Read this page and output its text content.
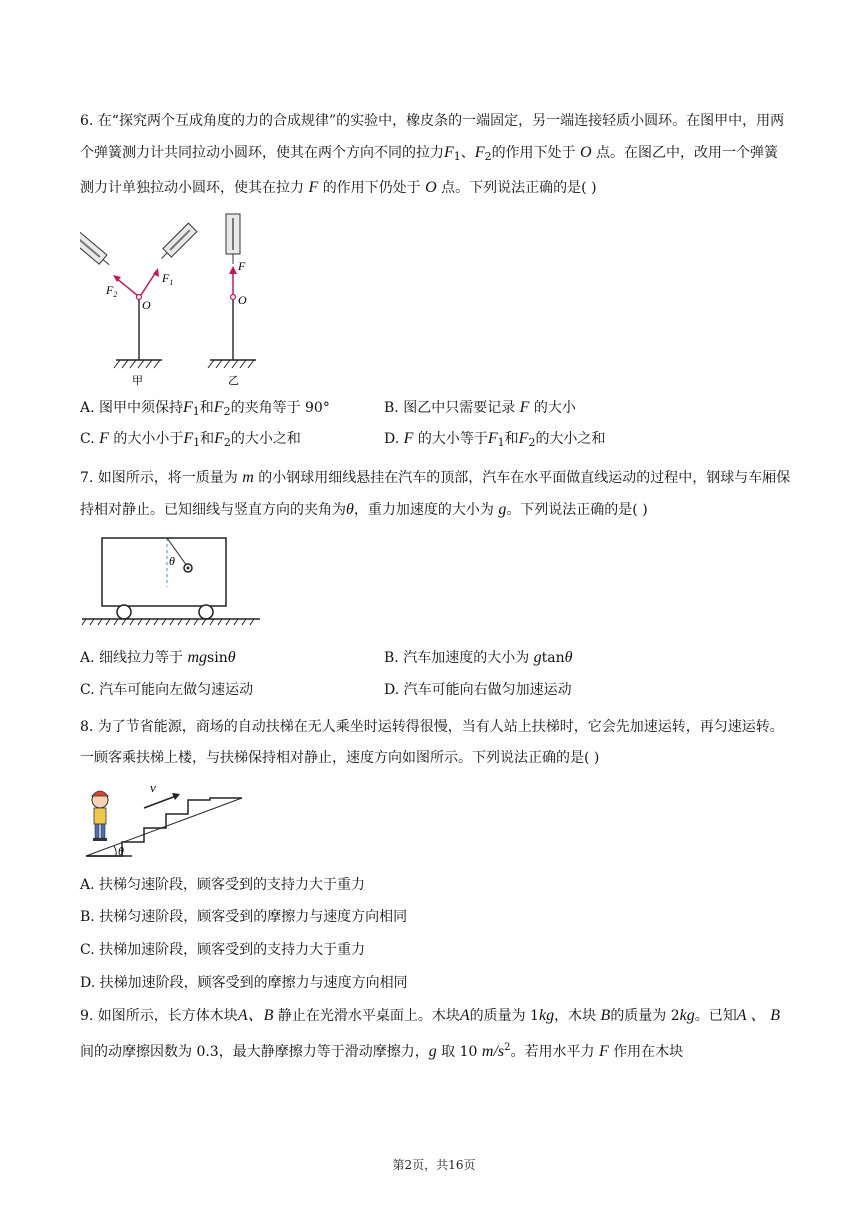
6. 在“探究两个互成角度的力的合成规律”的实验中，橡皮条的一端固定，另一端连接轻质小圆环。在图甲中，用两个弹簧测力计共同拉动小圆环，使其在两个方向不同的拉力$F_1$、$F_2$的作用下处于 O 点。在图乙中，改用一个弹簧测力计单独拉动小圆环，使其在拉力 F 的作用下仍处于 O 点。下列说法正确的是( )

$F_2$
$F_1$
O
甲
F
O
乙
A. 图甲中须保持$F_1$和$F_2$的夹角等于 90°	B. 图乙中只需要记录 F 的大小
C. F 的大小小于$F_1$和$F_2$的大小之和	D. F 的大小等于$F_1$和$F_2$的大小之和

7. 如图所示，将一质量为 m 的小钢球用细线悬挂在汽车的顶部，汽车在水平面做直线运动的过程中，钢球与车厢保持相对静止。已知细线与竖直方向的夹角为θ，重力加速度的大小为 g。下列说法正确的是( )

θ
A. 细线拉力等于 mgsinθ	B. 汽车加速度的大小为 gtanθ
C. 汽车可能向左做匀速运动	D. 汽车可能向右做匀加速运动

8. 为了节省能源，商场的自动扶梯在无人乘坐时运转得很慢，当有人站上扶梯时，它会先加速运转，再匀速运转。一顾客乘扶梯上楼，与扶梯保持相对静止，速度方向如图所示。下列说法正确的是( )

θ
v
A. 扶梯匀速阶段，顾客受到的支持力大于重力
B. 扶梯匀速阶段，顾客受到的摩擦力与速度方向相同
C. 扶梯加速阶段，顾客受到的支持力大于重力
D. 扶梯加速阶段，顾客受到的摩擦力与速度方向相同

9. 如图所示，长方体木块A、B 静止在光滑水平桌面上。木块A的质量为 1kg，木块 B的质量为 2kg。已知A 、 B间的动摩擦因数为 0.3，最大静摩擦力等于滑动摩擦力，g 取 10 $m/s^2$。若用水平力 F 作用在木块

第2页，共16页
